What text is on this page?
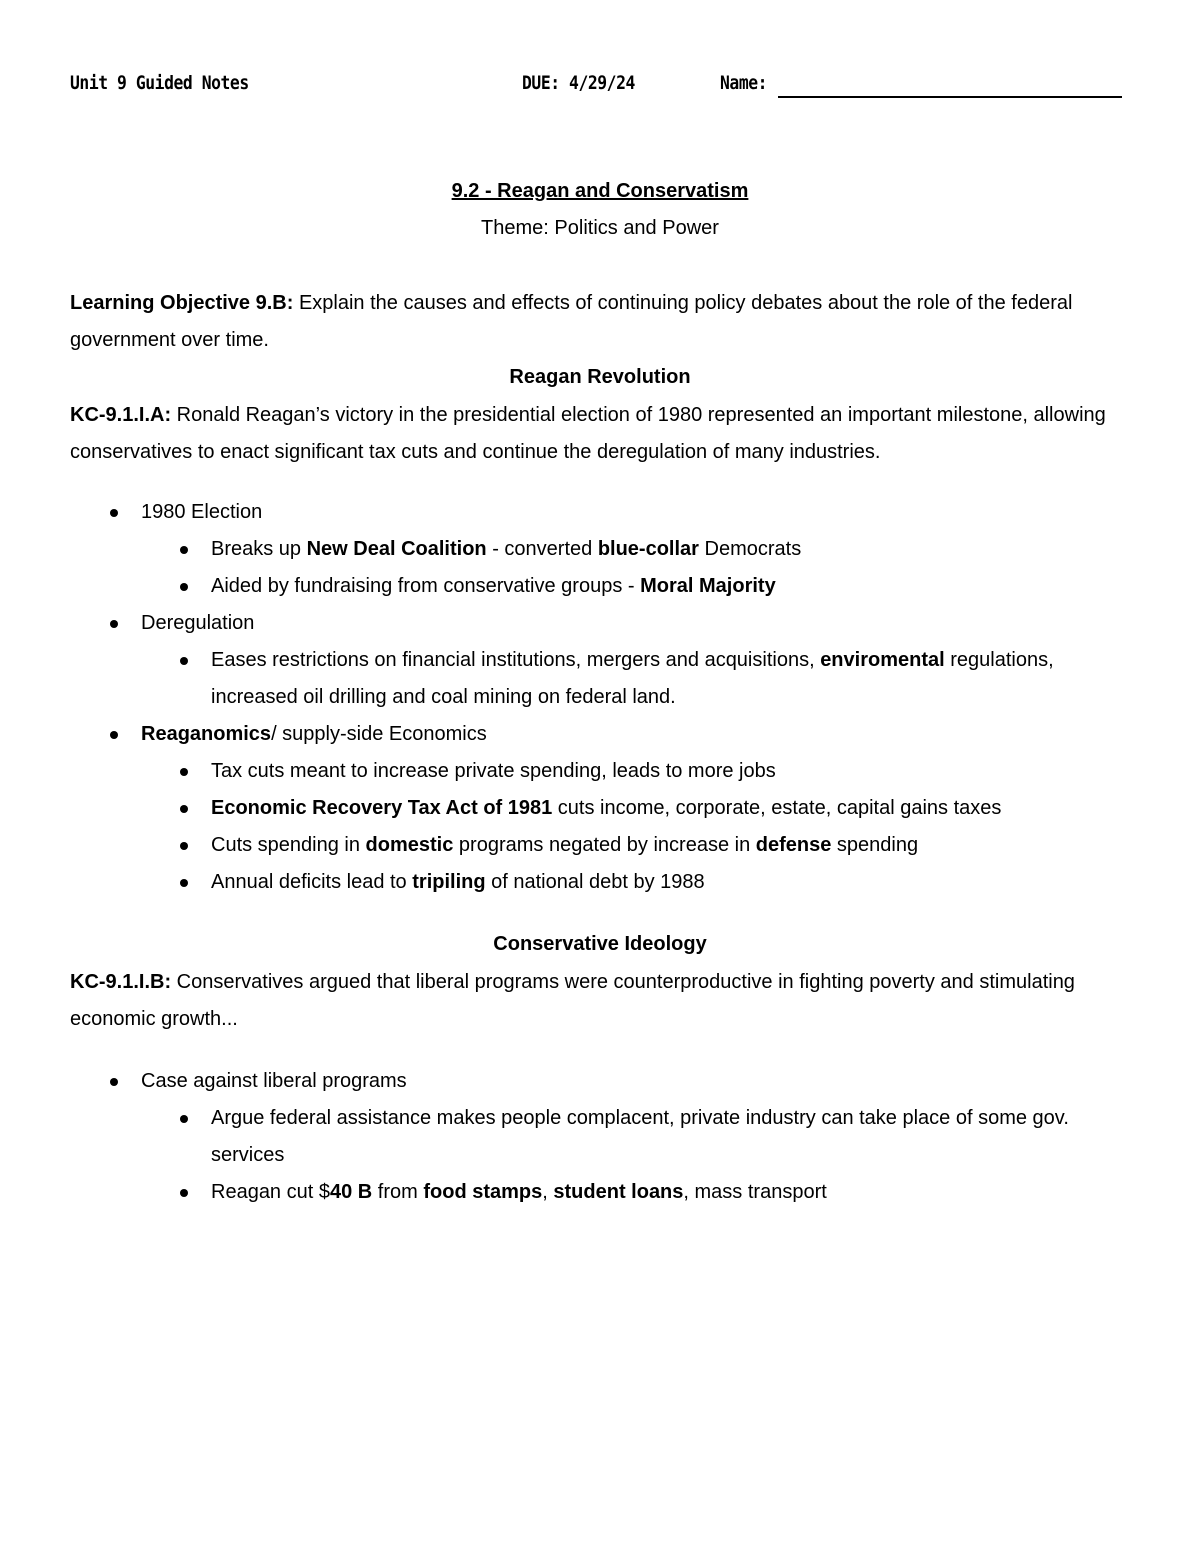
Unit 9 Guided Notes	DUE: 4/29/24	Name:
9.2 - Reagan and Conservatism
Theme: Politics and Power
Learning Objective 9.B: Explain the causes and effects of continuing policy debates about the role of the federal government over time.
Reagan Revolution
KC-9.1.I.A: Ronald Reagan’s victory in the presidential election of 1980 represented an important milestone, allowing conservatives to enact significant tax cuts and continue the deregulation of many industries.
1980 Election
Breaks up New Deal Coalition - converted blue-collar Democrats
Aided by fundraising from conservative groups - Moral Majority
Deregulation
Eases restrictions on financial institutions, mergers and acquisitions, enviromental regulations, increased oil drilling and coal mining on federal land.
Reaganomics/ supply-side Economics
Tax cuts meant to increase private spending, leads to more jobs
Economic Recovery Tax Act of 1981 cuts income, corporate, estate, capital gains taxes
Cuts spending in domestic programs negated by increase in defense spending
Annual deficits lead to tripiling of national debt by 1988
Conservative Ideology
KC-9.1.I.B: Conservatives argued that liberal programs were counterproductive in fighting poverty and stimulating economic growth...
Case against liberal programs
Argue federal assistance makes people complacent, private industry can take place of some gov. services
Reagan cut $40 B from food stamps, student loans, mass transport
